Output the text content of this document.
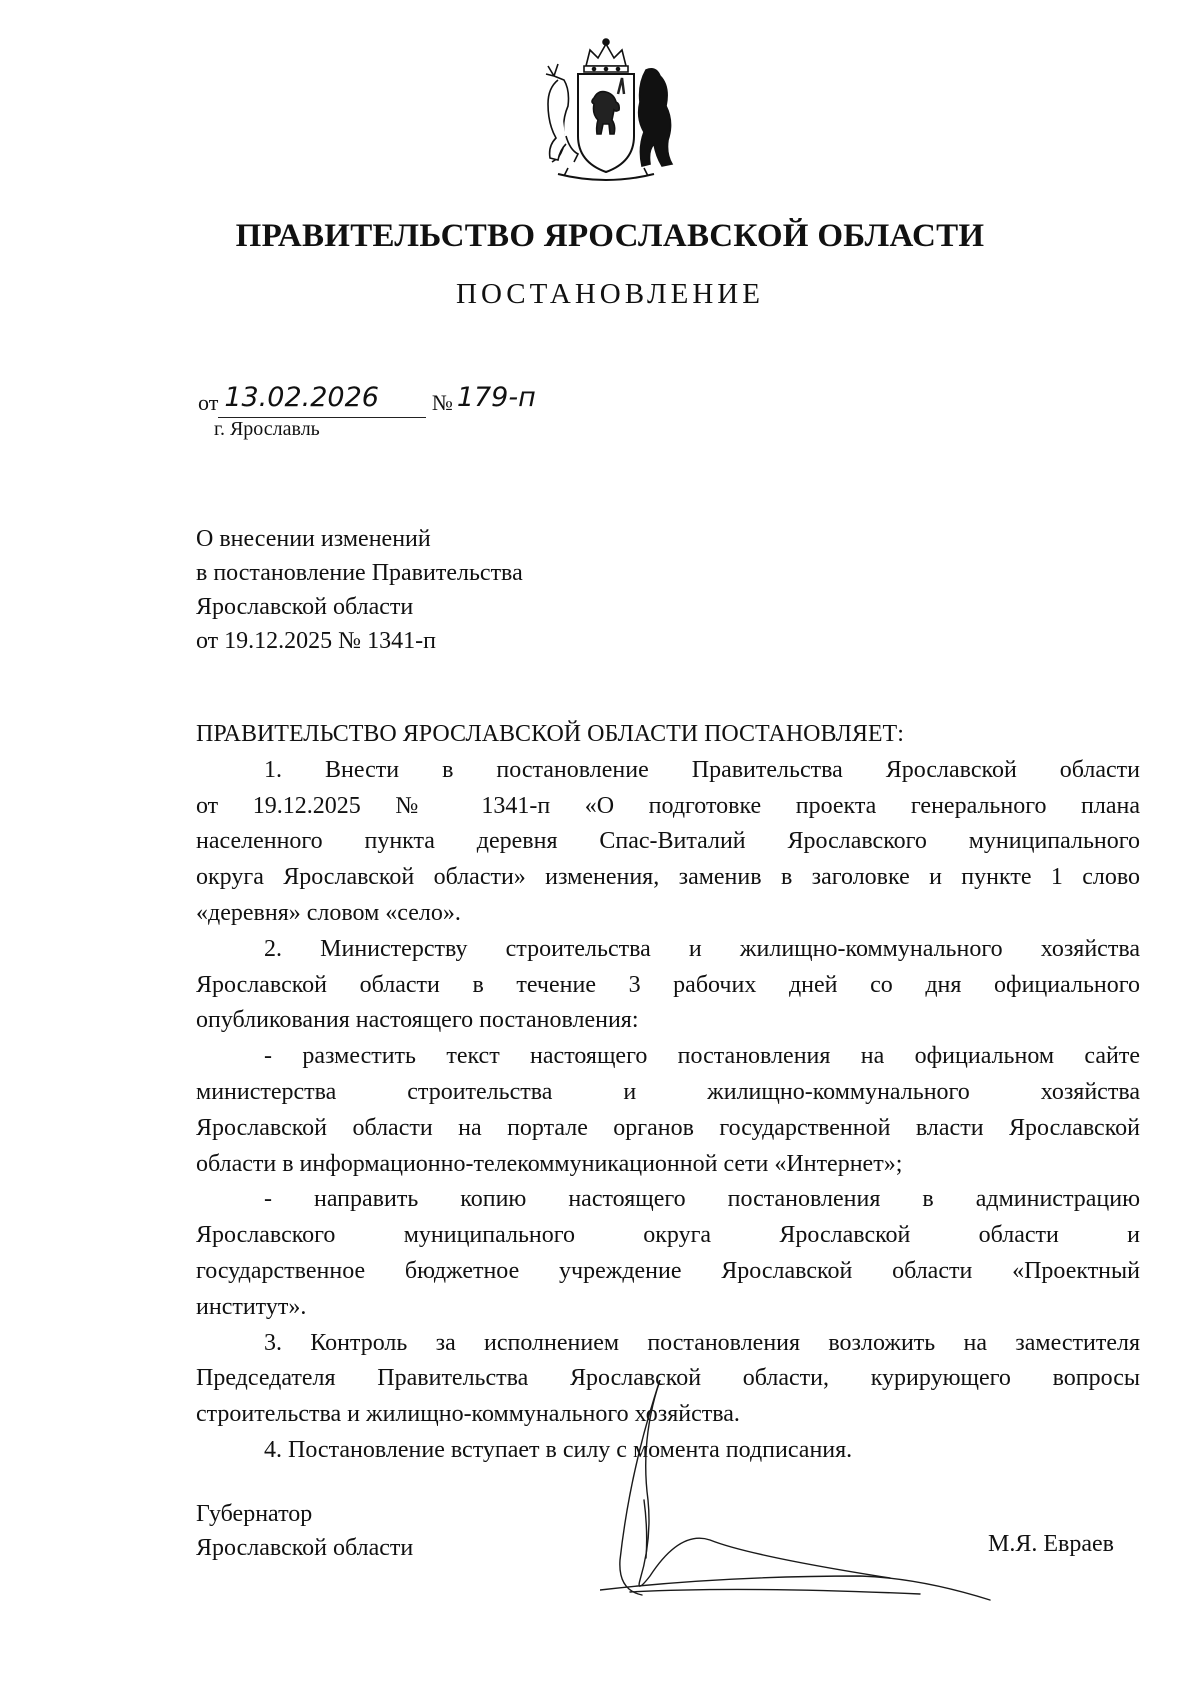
ПРАВИТЕЛЬСТВО ЯРОСЛАВСКОЙ ОБЛАСТИ
ПОСТАНОВЛЕНИЕ
от 13.02.2026 № 179-п
г. Ярославль
О внесении изменений
в постановление Правительства
Ярославской области
от 19.12.2025 № 1341-п
ПРАВИТЕЛЬСТВО ЯРОСЛАВСКОЙ ОБЛАСТИ ПОСТАНОВЛЯЕТ:
1. Внести в постановление Правительства Ярославской области
от 19.12.2025 № 1341-п «О подготовке проекта генерального плана
населенного пункта деревня Спас-Виталий Ярославского муниципального
округа Ярославской области» изменения, заменив в заголовке и пункте 1 слово
«деревня» словом «село».
2. Министерству строительства и жилищно-коммунального хозяйства
Ярославской области в течение 3 рабочих дней со дня официального
опубликования настоящего постановления:
- разместить текст настоящего постановления на официальном сайте
министерства строительства и жилищно-коммунального хозяйства
Ярославской области на портале органов государственной власти Ярославской
области в информационно-телекоммуникационной сети «Интернет»;
- направить копию настоящего постановления в администрацию
Ярославского муниципального округа Ярославской области и
государственное бюджетное учреждение Ярославской области «Проектный
институт».
3. Контроль за исполнением постановления возложить на заместителя
Председателя Правительства Ярославской области, курирующего вопросы
строительства и жилищно-коммунального хозяйства.
4. Постановление вступает в силу с момента подписания.
Губернатор
Ярославской области	М.Я. Евраев
